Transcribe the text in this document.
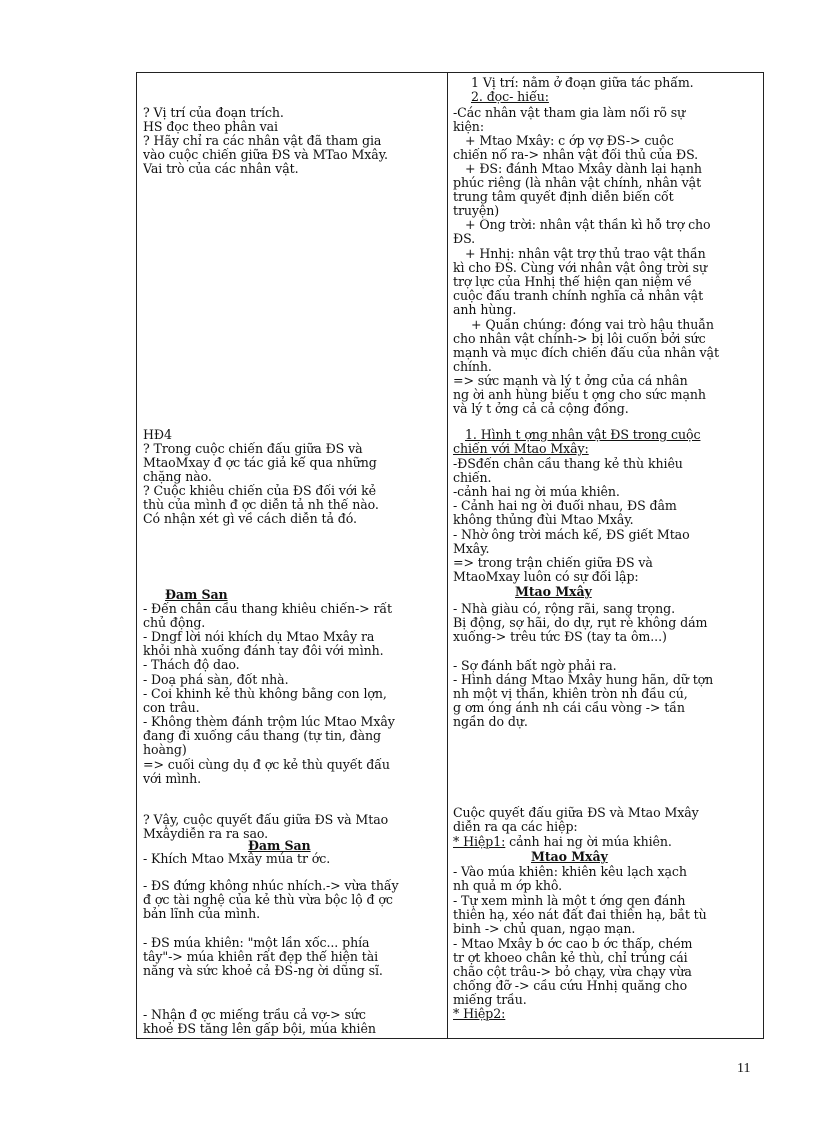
? Vị trí của đoạn trích.
HS đọc theo phân vai
? Hãy chỉ ra các nhân vật đã tham gia
vào cuộc chiến giữa ĐS và MTao Mxây.
Vai trò của các nhân vật.
HĐ4
? Trong cuộc chiến đấu giữa ĐS và
MtaoMxay đ ợc tác giả kể qua những
chặng nào.
? Cuộc khiêu chiến của ĐS đối với kẻ
thù của mình đ ợc diễn tả nh thế nào.
Có nhận xét gì về cách diễn tả đó.
Đam San
- Đến chân cầu thang khiêu chiến-> rất
chủ động.
- Dngf lời nói khích dụ Mtao Mxây ra
khỏi nhà xuống đánh tay đôi với mình.
- Thách độ dao.
- Doạ phá sàn, đốt nhà.
- Coi khinh kẻ thù không bằng con lợn,
con trâu.
- Không thèm đánh trộm lúc Mtao Mxây
đang đi xuống cầu thang (tự tin, đàng
hoàng)
=> cuối cùng dụ đ ợc kẻ thù quyết đấu
với mình.
? Vậy, cuộc quyết đấu giữa ĐS và Mtao
Mxâydiễn ra ra sao.
Đam San
- Khích Mtao Mxây múa tr ớc.
- ĐS đứng không nhúc nhích.-> vừa thấy
đ ợc tài nghệ của kẻ thù vừa bộc lộ đ ợc
bản lĩnh của mình.
- ĐS múa khiên: "một lần xốc... phía
tây"-> múa khiên rất đẹp thể hiện tài
năng và sức khoẻ cả ĐS-ng ời dũng sĩ.
- Nhận đ ợc miếng trầu cả vợ-> sức
khoẻ ĐS tăng lên gấp bội, múa khiên
1 Vị trí: nằm ở đoạn giữa tác phẩm.
2. đọc- hiểu:
-Các nhân vật tham gia làm nổi rõ sự
kiện:
+ Mtao Mxây: c ớp vợ ĐS-> cuộc
chiến nổ ra-> nhân vật đối thủ của ĐS.
+ ĐS: đánh Mtao Mxây dành lại hạnh
phúc riêng (là nhân vật chính, nhân vật
trung tâm quyết định diễn biến cốt
truyện)
+ Ông trời: nhân vật thần kì hỗ trợ cho
ĐS.
+ Hnhị: nhân vật trợ thủ trao vật thần
kì cho ĐS. Cùng với nhân vật ông trời sự
trợ lực của Hnhị thể hiện qan niệm về
cuộc đấu tranh chính nghĩa cả nhân vật
anh hùng.
+ Quần chúng: đóng vai trò hậu thuẫn
cho nhân vật chính-> bị lôi cuốn bởi sức
mạnh và mục đích chiến đấu của nhân vật
chính.
=> sức mạnh và lý t ởng của cá nhân
ng ời anh hùng biểu t ợng cho sức mạnh
và lý t ởng cả cả cộng đồng.
1. Hình t ợng nhân vật ĐS trong cuộc
chiến với Mtao Mxây:
-ĐSđến chân cầu thang kẻ thù khiêu
chiến.
-cảnh hai ng ời múa khiên.
- Cảnh hai ng ời đuổi nhau, ĐS đâm
không thủng đùi Mtao Mxây.
- Nhờ ông trời mách kế, ĐS giết Mtao
Mxây.
=> trong trận chiến giữa ĐS và
MtaoMxay luôn có sự đối lập:
Mtao Mxây
- Nhà giàu có, rộng rãi, sang trọng.
Bị động, sợ hãi, do dự, rụt rè không dám
xuống-> trêu tức ĐS (tay ta ôm...)
- Sợ đánh bất ngờ phải ra.
- Hình dáng Mtao Mxây hung hãn, dữ tợn
nh một vị thần, khiên tròn nh đầu cú,
g ơm óng ánh nh cái cầu vòng -> tần
ngần do dự.
Cuộc quyết đấu giữa ĐS và Mtao Mxây
diễn ra qa các hiệp:
* Hiệp1: cảnh hai ng ời múa khiên.
Mtao Mxây
- Vào múa khiên: khiên kêu lạch xạch
nh quả m ớp khô.
- Tự xem mình là một t ớng qen đánh
thiên hạ, xéo nát đất đai thiên hạ, bắt tù
binh -> chủ quan, ngạo mạn.
- Mtao Mxây b ớc cao b ớc thấp, chém
tr ợt khoeo chân kẻ thù, chỉ trúng cái
chão cột trâu-> bỏ chạy, vừa chạy vừa
chống đỡ -> cầu cứu Hnhị quăng cho
miếng trầu.
* Hiệp2:
11
